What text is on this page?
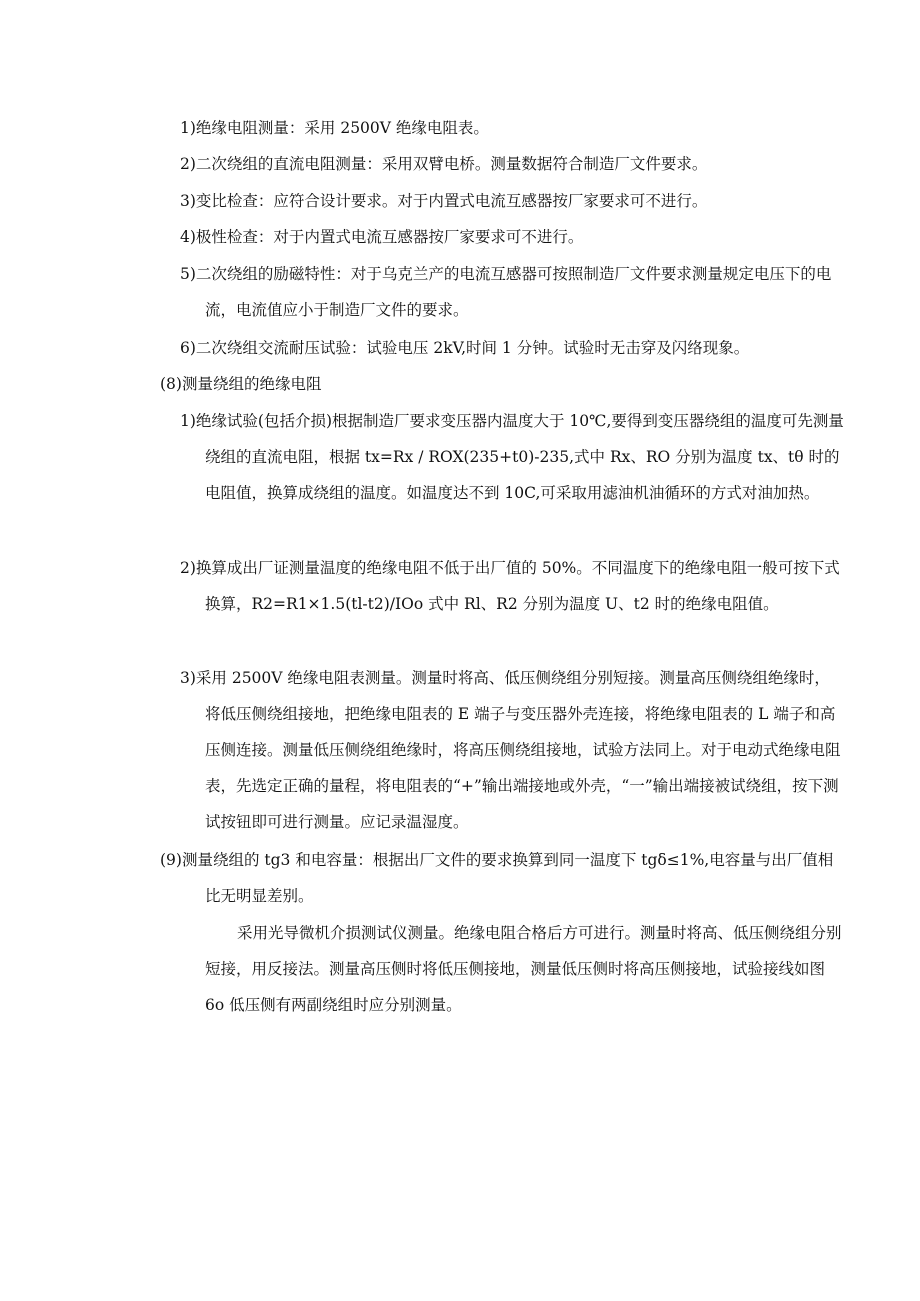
1)绝缘电阻测量：采用 2500V 绝缘电阻表。

2)二次绕组的直流电阻测量：采用双臂电桥。测量数据符合制造厂文件要求。

3)变比检查：应符合设计要求。对于内置式电流互感器按厂家要求可不进行。

4)极性检查：对于内置式电流互感器按厂家要求可不进行。

5)二次绕组的励磁特性：对于乌克兰产的电流互感器可按照制造厂文件要求测量规定电压下的电流，电流值应小于制造厂文件的要求。

6)二次绕组交流耐压试验：试验电压 2kV,时间 1 分钟。试验时无击穿及闪络现象。

(8)测量绕组的绝缘电阻

1)绝缘试验(包括介损)根据制造厂要求变压器内温度大于 10℃,要得到变压器绕组的温度可先测量绕组的直流电阻，根据 tx=Rx / ROX(235+t0)-235,式中 Rx、RO 分别为温度 tx、tθ 时的电阻值，换算成绕组的温度。如温度达不到 10C,可采取用滤油机油循环的方式对油加热。

2)换算成出厂证测量温度的绝缘电阻不低于出厂值的 50%。不同温度下的绝缘电阻一般可按下式换算，R2=R1×1.5(tl-t2)/IOo 式中 Rl、R2 分别为温度 U、t2 时的绝缘电阻值。

3)采用 2500V 绝缘电阻表测量。测量时将高、低压侧绕组分别短接。测量高压侧绕组绝缘时，将低压侧绕组接地，把绝缘电阻表的 E 端子与变压器外壳连接，将绝缘电阻表的 L 端子和高压侧连接。测量低压侧绕组绝缘时，将高压侧绕组接地，试验方法同上。对于电动式绝缘电阻表，先选定正确的量程，将电阻表的“+”输出端接地或外壳，“一”输出端接被试绕组，按下测试按钮即可进行测量。应记录温湿度。

(9)测量绕组的 tg3 和电容量：根据出厂文件的要求换算到同一温度下 tgδ≤1%,电容量与出厂值相比无明显差别。

采用光导微机介损测试仪测量。绝缘电阻合格后方可进行。测量时将高、低压侧绕组分别短接，用反接法。测量高压侧时将低压侧接地，测量低压侧时将高压侧接地，试验接线如图 6o 低压侧有两副绕组时应分别测量。
